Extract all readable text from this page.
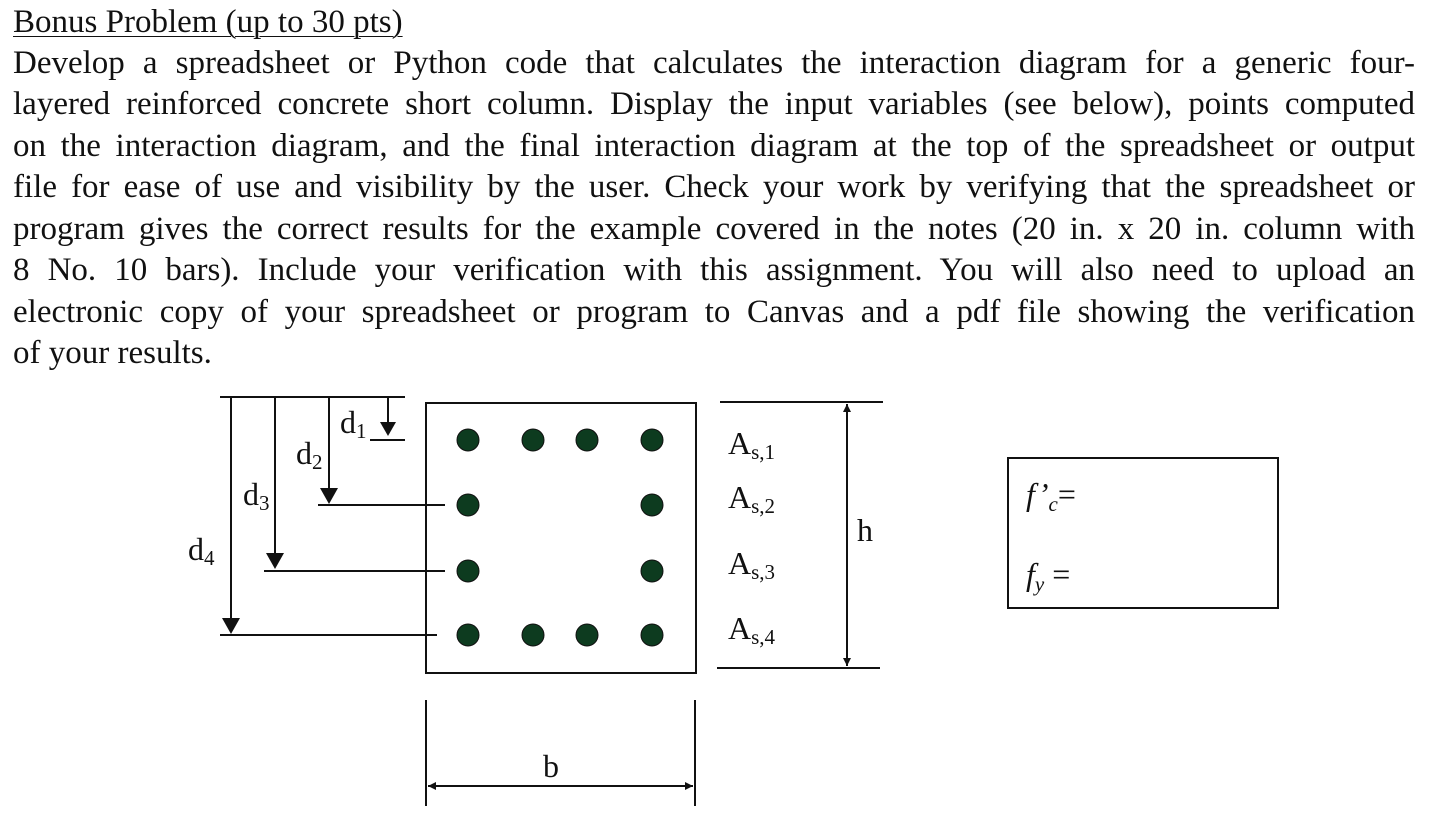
Bonus Problem (up to 30 pts)
Develop a spreadsheet or Python code that calculates the interaction diagram for a generic four-
layered reinforced concrete short column. Display the input variables (see below), points computed
on the interaction diagram, and the final interaction diagram at the top of the spreadsheet or output
file for ease of use and visibility by the user. Check your work by verifying that the spreadsheet or
program gives the correct results for the example covered in the notes (20 in. x 20 in. column with
8 No. 10 bars). Include your verification with this assignment. You will also need to upload an
electronic copy of your spreadsheet or program to Canvas and a pdf file showing the verification
of your results.
d1
d2
d3
d4
h
As,1
As,2
As,3
As,4
b
f’c=
fy =
